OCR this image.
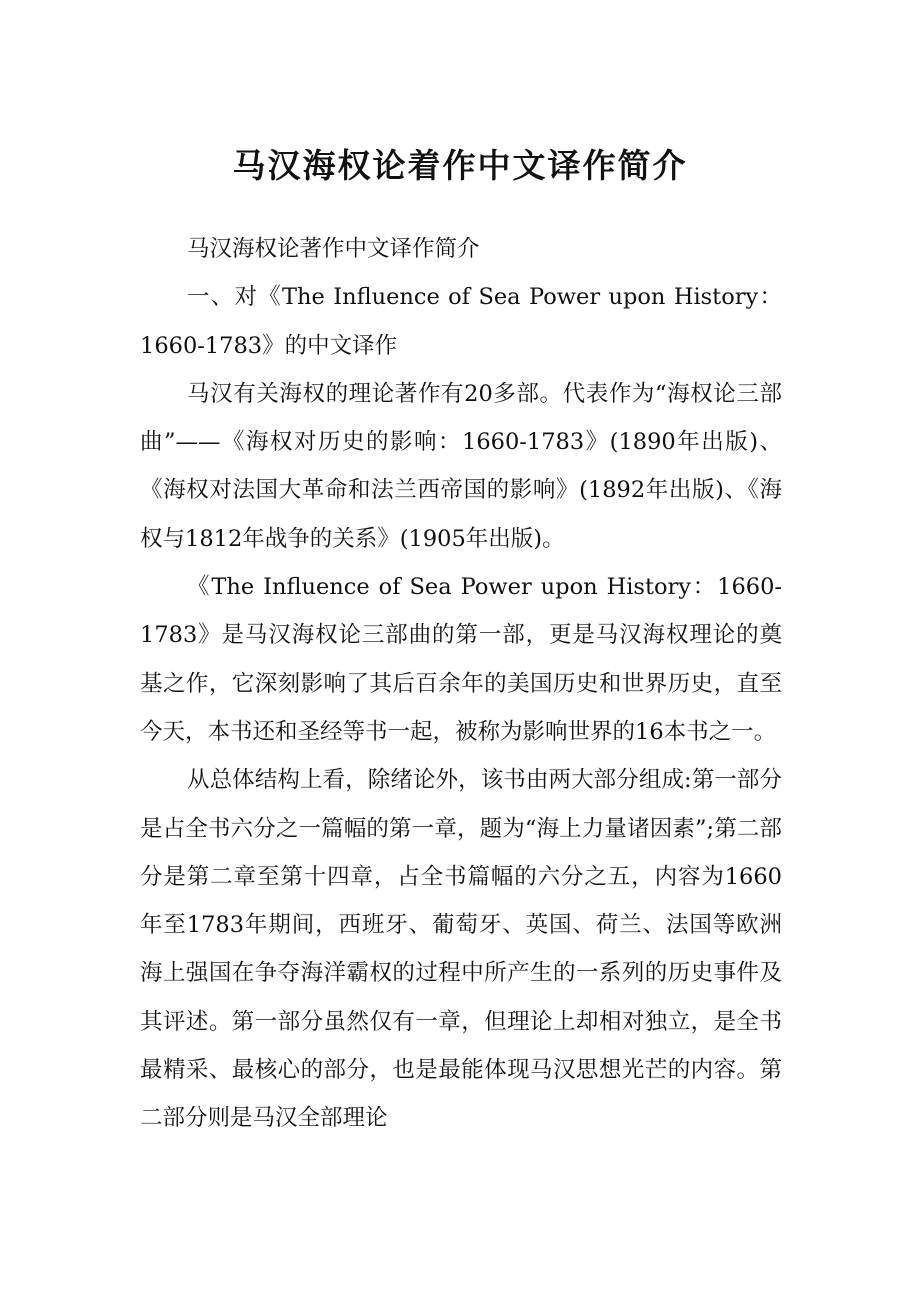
马汉海权论着作中文译作简介

马汉海权论著作中文译作简介

一、对《The Influence of Sea Power upon History：1660-1783》的中文译作

马汉有关海权的理论著作有20多部。代表作为“海权论三部曲”——《海权对历史的影响：1660-1783》(1890年出版)、《海权对法国大革命和法兰西帝国的影响》(1892年出版)、《海权与1812年战争的关系》(1905年出版)。

《The Influence of Sea Power upon History：1660-1783》是马汉海权论三部曲的第一部，更是马汉海权理论的奠基之作，它深刻影响了其后百余年的美国历史和世界历史，直至今天，本书还和圣经等书一起，被称为影响世界的16本书之一。

从总体结构上看，除绪论外，该书由两大部分组成:第一部分是占全书六分之一篇幅的第一章，题为“海上力量诸因素”;第二部分是第二章至第十四章，占全书篇幅的六分之五，内容为1660年至1783年期间，西班牙、葡萄牙、英国、荷兰、法国等欧洲海上强国在争夺海洋霸权的过程中所产生的一系列的历史事件及其评述。第一部分虽然仅有一章，但理论上却相对独立，是全书最精采、最核心的部分，也是最能体现马汉思想光芒的内容。第二部分则是马汉全部理论
